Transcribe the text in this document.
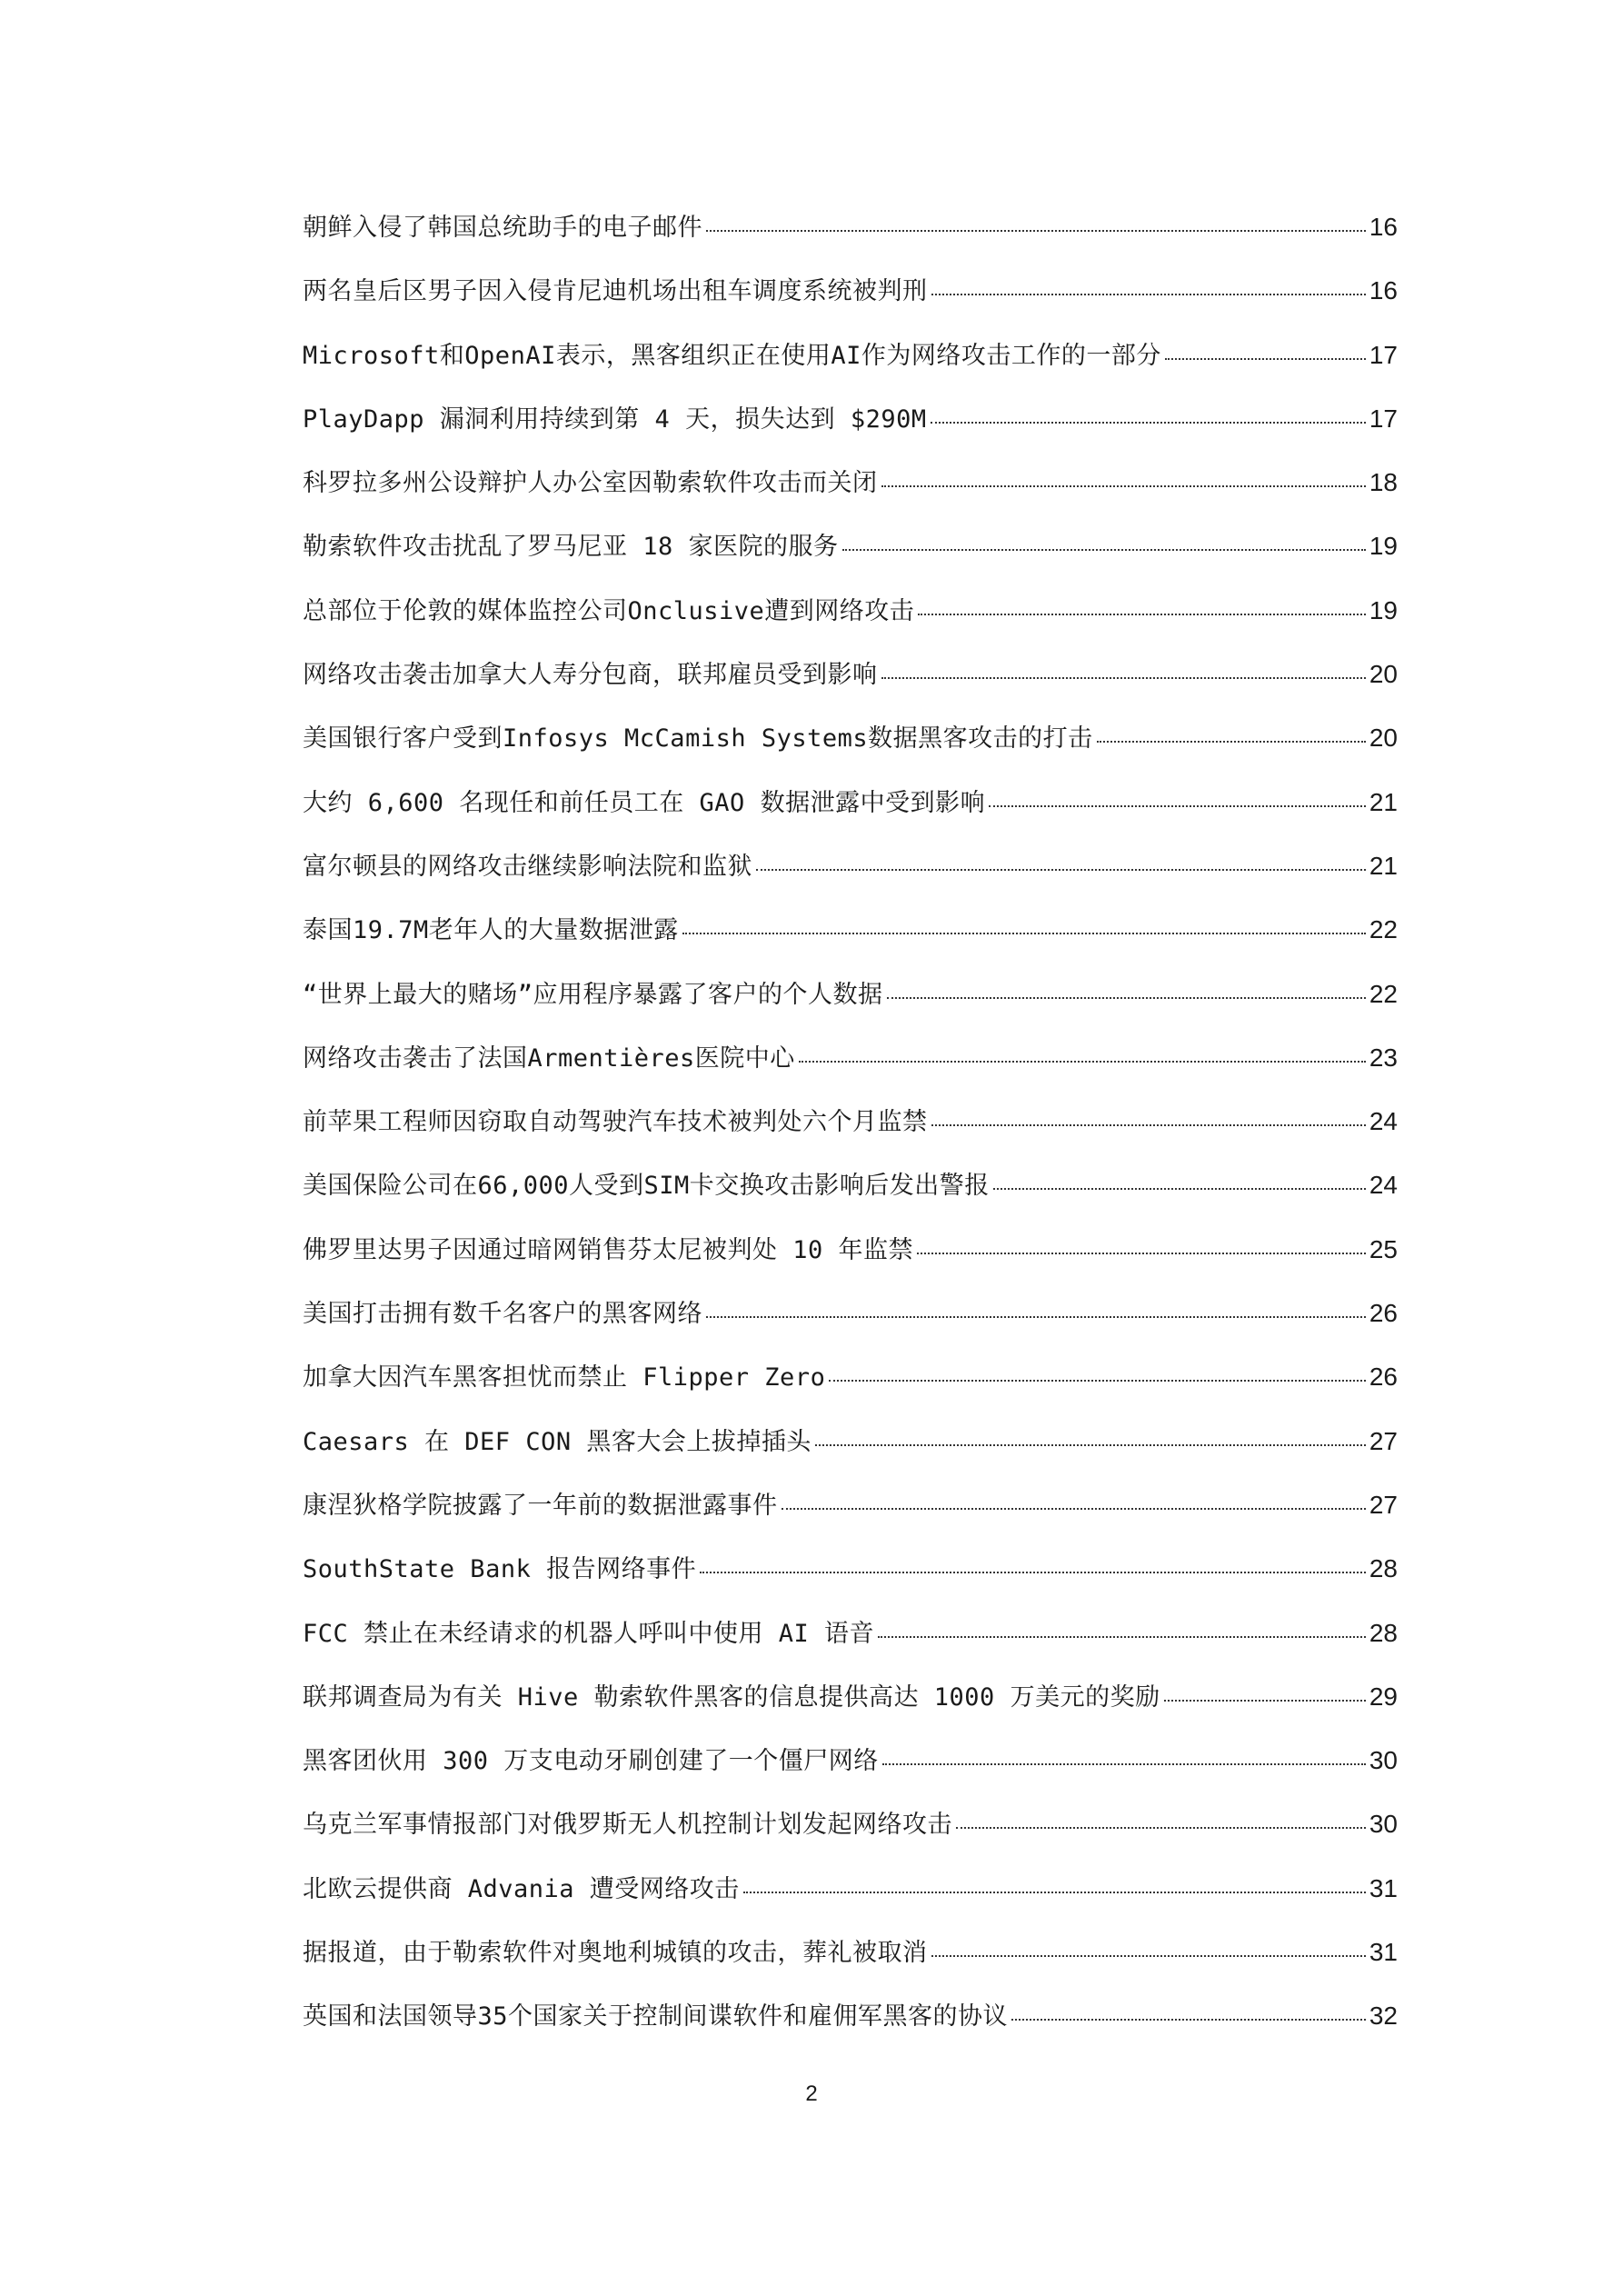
朝鲜入侵了韩国总统助手的电子邮件	16
两名皇后区男子因入侵肯尼迪机场出租车调度系统被判刑	16
Microsoft和OpenAI表示，黑客组织正在使用AI作为网络攻击工作的一部分	17
PlayDapp 漏洞利用持续到第 4 天，损失达到 $290M	17
科罗拉多州公设辩护人办公室因勒索软件攻击而关闭	18
勒索软件攻击扰乱了罗马尼亚 18 家医院的服务	19
总部位于伦敦的媒体监控公司Onclusive遭到网络攻击	19
网络攻击袭击加拿大人寿分包商，联邦雇员受到影响	20
美国银行客户受到Infosys McCamish Systems数据黑客攻击的打击	20
大约 6,600 名现任和前任员工在 GAO 数据泄露中受到影响	21
富尔顿县的网络攻击继续影响法院和监狱	21
泰国19.7M老年人的大量数据泄露	22
“世界上最大的赌场”应用程序暴露了客户的个人数据	22
网络攻击袭击了法国Armentières医院中心	23
前苹果工程师因窃取自动驾驶汽车技术被判处六个月监禁	24
美国保险公司在66,000人受到SIM卡交换攻击影响后发出警报	24
佛罗里达男子因通过暗网销售芬太尼被判处 10 年监禁	25
美国打击拥有数千名客户的黑客网络	26
加拿大因汽车黑客担忧而禁止 Flipper Zero	26
Caesars 在 DEF CON 黑客大会上拔掉插头	27
康涅狄格学院披露了一年前的数据泄露事件	27
SouthState Bank 报告网络事件	28
FCC 禁止在未经请求的机器人呼叫中使用 AI 语音	28
联邦调查局为有关 Hive 勒索软件黑客的信息提供高达 1000 万美元的奖励	29
黑客团伙用 300 万支电动牙刷创建了一个僵尸网络	30
乌克兰军事情报部门对俄罗斯无人机控制计划发起网络攻击	30
北欧云提供商 Advania 遭受网络攻击	31
据报道，由于勒索软件对奥地利城镇的攻击，葬礼被取消	31
英国和法国领导35个国家关于控制间谍软件和雇佣军黑客的协议	32
2
